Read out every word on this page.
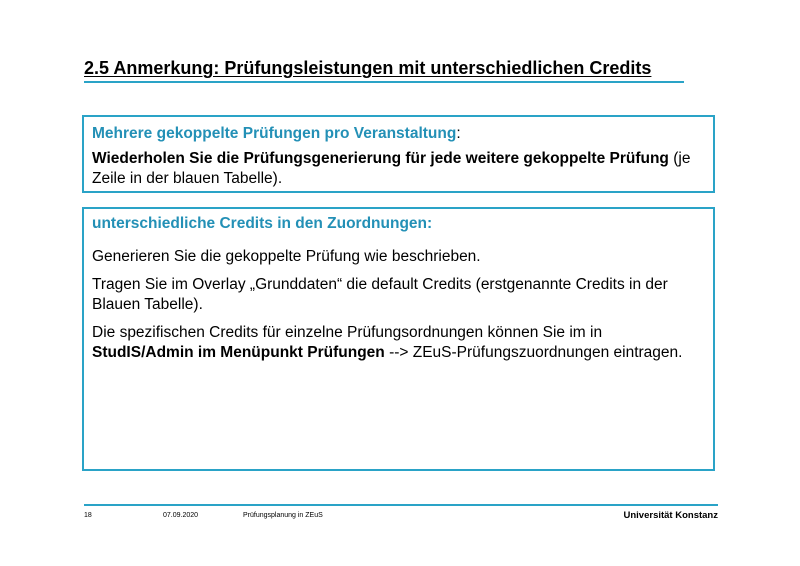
2.5 Anmerkung: Prüfungsleistungen mit unterschiedlichen Credits

Mehrere gekoppelte Prüfungen pro Veranstaltung:

Wiederholen Sie die Prüfungsgenerierung für jede weitere gekoppelte Prüfung (je Zeile in der blauen Tabelle).

unterschiedliche Credits in den Zuordnungen:

Generieren Sie die gekoppelte Prüfung wie beschrieben.

Tragen Sie im Overlay „Grunddaten“ die default Credits (erstgenannte Credits in der Blauen Tabelle).

Die spezifischen Credits für einzelne Prüfungsordnungen können Sie im in StudIS/Admin im Menüpunkt Prüfungen --> ZEuS-Prüfungszuordnungen eintragen.

18	07.09.2020	Prüfungsplanung in ZEuS	Universität Konstanz
